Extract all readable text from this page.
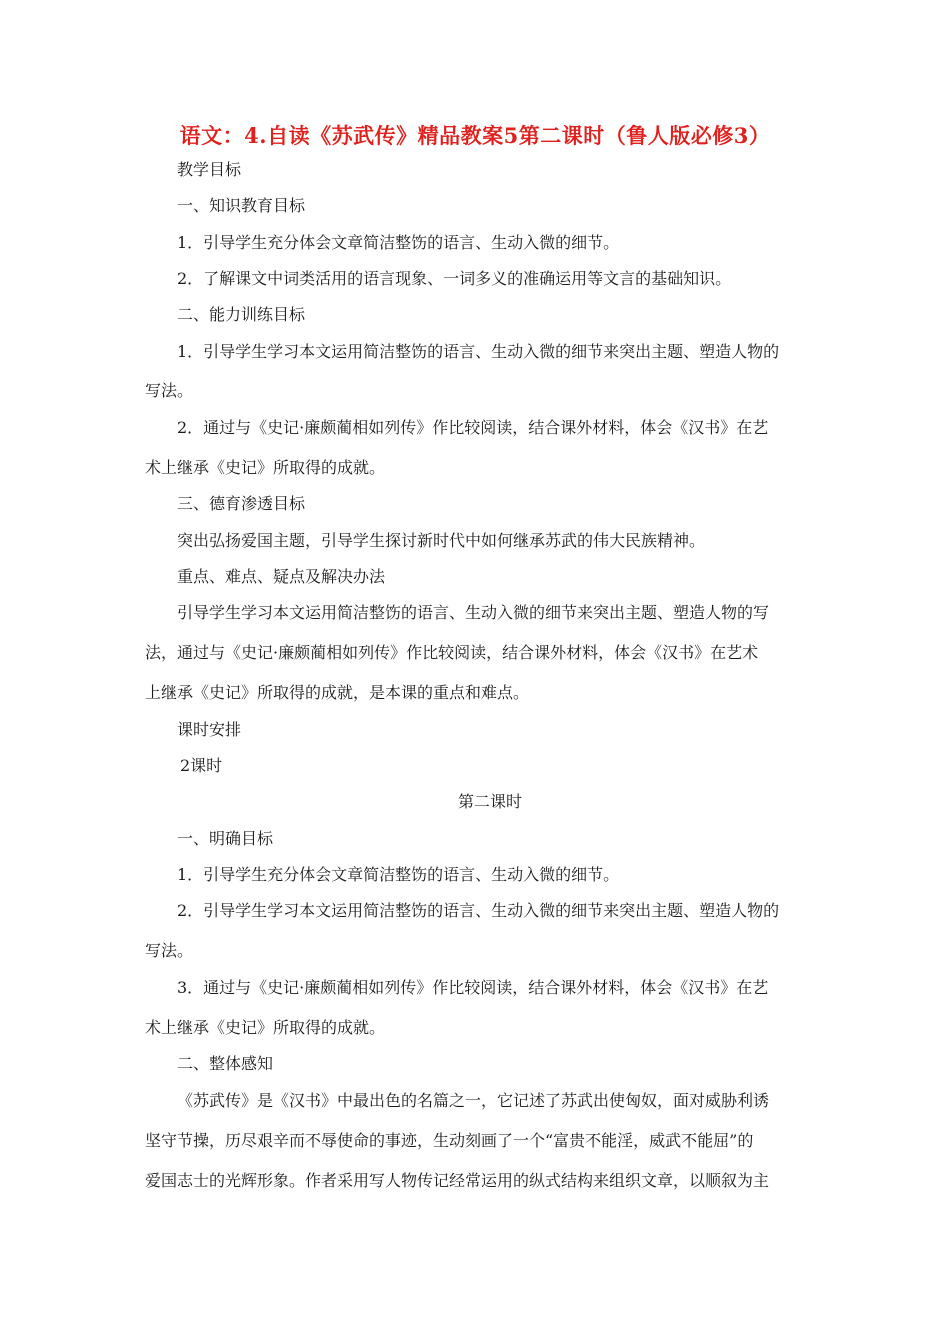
语文：4.自读《苏武传》精品教案5第二课时（鲁人版必修3）
教学目标
一、知识教育目标
1．引导学生充分体会文章简洁整饬的语言、生动入微的细节。
2．了解课文中词类活用的语言现象、一词多义的准确运用等文言的基础知识。
二、能力训练目标
1．引导学生学习本文运用简洁整饬的语言、生动入微的细节来突出主题、塑造人物的
写法。
2．通过与《史记·廉颇蔺相如列传》作比较阅读，结合课外材料，体会《汉书》在艺
术上继承《史记》所取得的成就。
三、德育渗透目标
突出弘扬爱国主题，引导学生探讨新时代中如何继承苏武的伟大民族精神。
重点、难点、疑点及解决办法
引导学生学习本文运用简洁整饬的语言、生动入微的细节来突出主题、塑造人物的写
法，通过与《史记·廉颇蔺相如列传》作比较阅读，结合课外材料，体会《汉书》在艺术
上继承《史记》所取得的成就，是本课的重点和难点。
课时安排
2课时
第二课时
一、明确目标
1．引导学生充分体会文章简洁整饬的语言、生动入微的细节。
2．引导学生学习本文运用简洁整饬的语言、生动入微的细节来突出主题、塑造人物的
写法。
3．通过与《史记·廉颇蔺相如列传》作比较阅读，结合课外材料，体会《汉书》在艺
术上继承《史记》所取得的成就。
二、整体感知
《苏武传》是《汉书》中最出色的名篇之一，它记述了苏武出使匈奴，面对威胁利诱
坚守节操，历尽艰辛而不辱使命的事迹，生动刻画了一个“富贵不能淫，威武不能屈”的
爱国志士的光辉形象。作者采用写人物传记经常运用的纵式结构来组织文章，以顺叙为主
